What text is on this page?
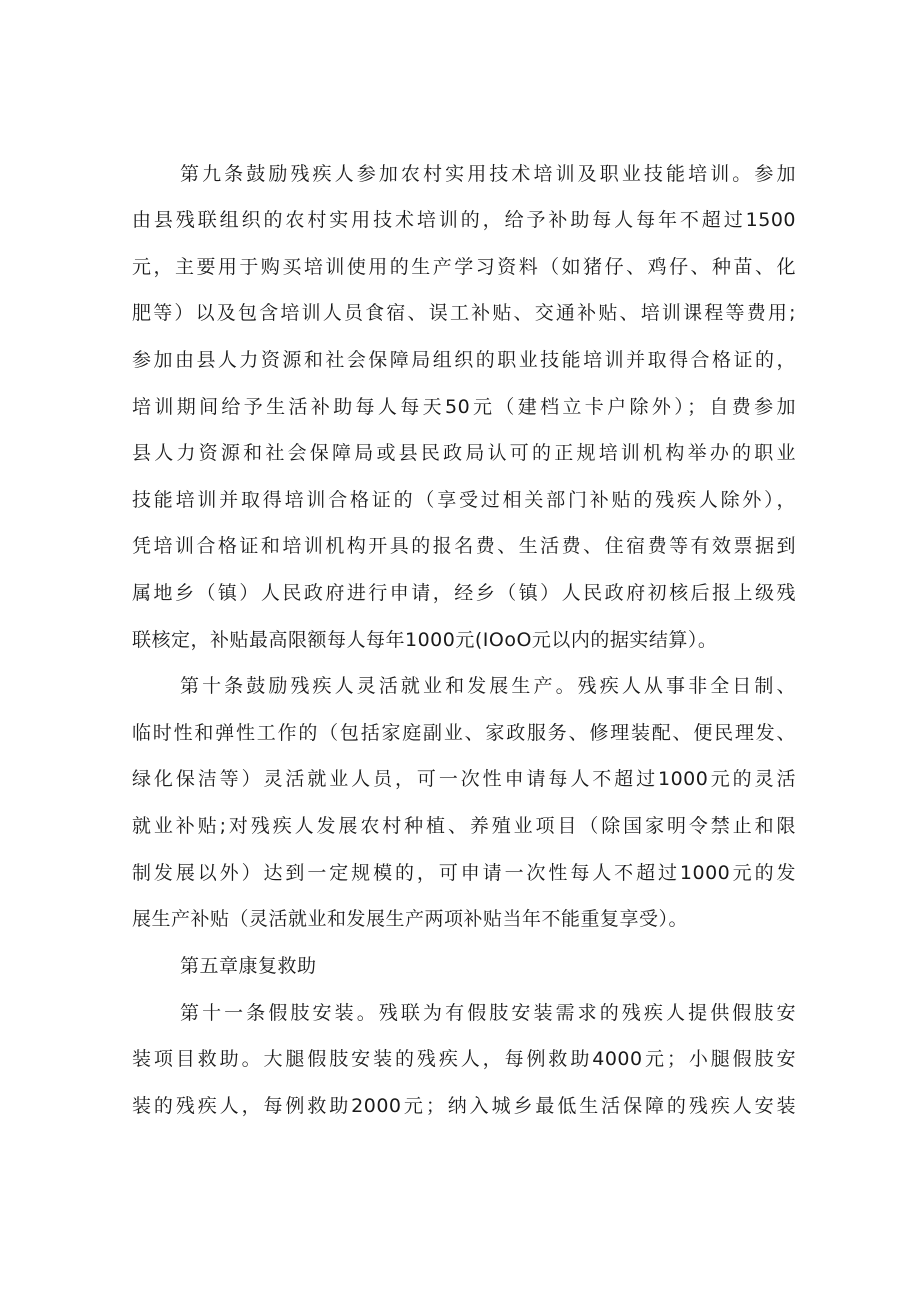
第九条鼓励残疾人参加农村实用技术培训及职业技能培训。参加
由县残联组织的农村实用技术培训的，给予补助每人每年不超过1500
元，主要用于购买培训使用的生产学习资料（如猪仔、鸡仔、种苗、化
肥等）以及包含培训人员食宿、误工补贴、交通补贴、培训课程等费用;
参加由县人力资源和社会保障局组织的职业技能培训并取得合格证的，
培训期间给予生活补助每人每天50元（建档立卡户除外）；自费参加
县人力资源和社会保障局或县民政局认可的正规培训机构举办的职业
技能培训并取得培训合格证的（享受过相关部门补贴的残疾人除外），
凭培训合格证和培训机构开具的报名费、生活费、住宿费等有效票据到
属地乡（镇）人民政府进行申请，经乡（镇）人民政府初核后报上级残
联核定，补贴最高限额每人每年1000元(IOoO元以内的据实结算）。
第十条鼓励残疾人灵活就业和发展生产。残疾人从事非全日制、
临时性和弹性工作的（包括家庭副业、家政服务、修理装配、便民理发、
绿化保洁等）灵活就业人员，可一次性申请每人不超过1000元的灵活
就业补贴;对残疾人发展农村种植、养殖业项目（除国家明令禁止和限
制发展以外）达到一定规模的，可申请一次性每人不超过1000元的发
展生产补贴（灵活就业和发展生产两项补贴当年不能重复享受）。
第五章康复救助
第十一条假肢安装。残联为有假肢安装需求的残疾人提供假肢安
装项目救助。大腿假肢安装的残疾人，每例救助4000元；小腿假肢安
装的残疾人，每例救助2000元；纳入城乡最低生活保障的残疾人安装
